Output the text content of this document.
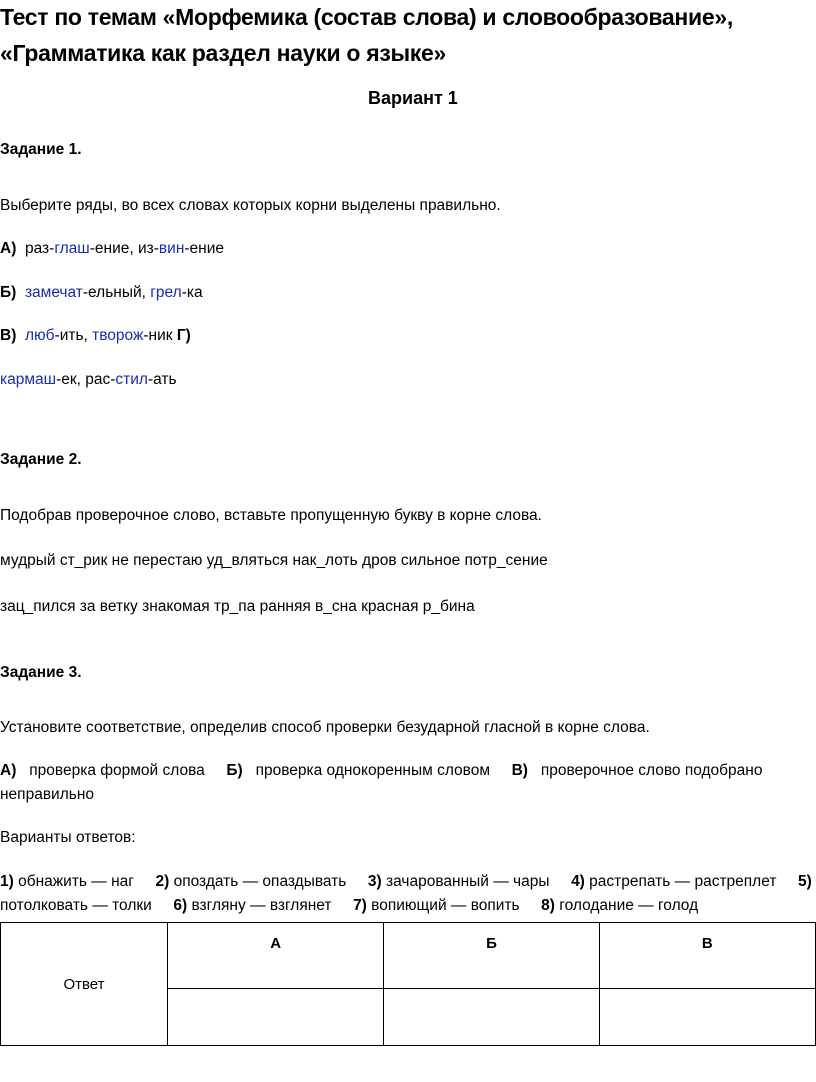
Тест по темам «Морфемика (состав слова) и словообразование»,
«Грамматика как раздел науки о языке»
Вариант 1
Задание 1.
Выберите ряды, во всех словах которых корни выделены правильно.
А) раз-глаш-ение, из-вин-ение
Б) замечат-ельный, грел-ка
В) люб-ить, творож-ник Г)
кармаш-ек, рас-стил-ать
Задание 2.
Подобрав проверочное слово, вставьте пропущенную букву в корне слова.
мудрый ст_рик не перестаю уд_вляться нак_лоть дров сильное потр_сение
зац_пился за ветку знакомая тр_па ранняя в_сна красная р_бина
Задание 3.
Установите соответствие, определив способ проверки безударной гласной в корне слова.
А) проверка формой слова Б) проверка однокоренным словом В) проверочное слово подобрано неправильно
Варианты ответов:
1) обнажить — наг 2) опоздать — опаздывать 3) зачарованный — чары 4) растрепать — растреплет 5)
потолковать — толки 6) взгляну — взглянет 7) вопиющий — вопить 8) голодание — голод
Ответ	А	Б	В
